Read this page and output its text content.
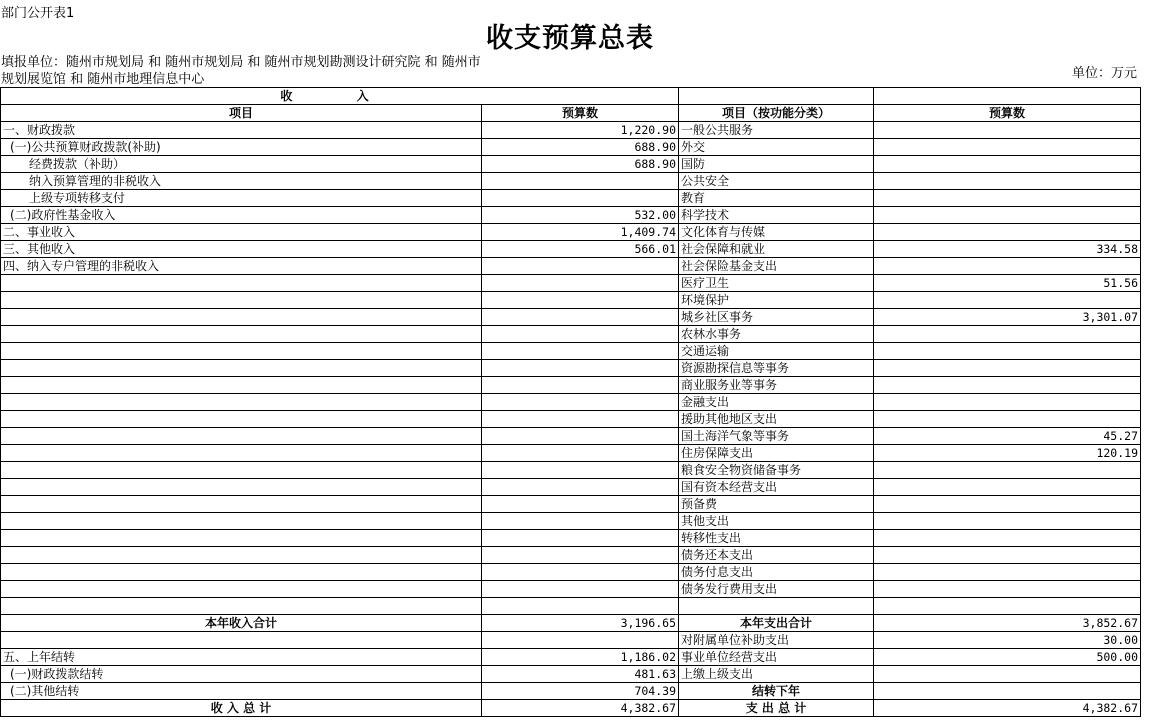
部门公开表1
收支预算总表
填报单位：随州市规划局 和 随州市规划局 和 随州市规划勘测设计研究院 和 随州市规划展览馆 和 随州市地理信息中心	单位：万元
收 入			
项目	预算数	项目（按功能分类）	预算数
一、财政拨款	1,220.90	一般公共服务	
(一)公共预算财政拨款(补助)	688.90	外交	
经费拨款（补助）	688.90	国防	
纳入预算管理的非税收入		公共安全	
上级专项转移支付		教育	
(二)政府性基金收入	532.00	科学技术	
二、事业收入	1,409.74	文化体育与传媒	
三、其他收入	566.01	社会保障和就业	334.58
四、纳入专户管理的非税收入		社会保险基金支出	
		医疗卫生	51.56
		环境保护	
		城乡社区事务	3,301.07
		农林水事务	
		交通运输	
		资源勘探信息等事务	
		商业服务业等事务	
		金融支出	
		援助其他地区支出	
		国土海洋气象等事务	45.27
		住房保障支出	120.19
		粮食安全物资储备事务	
		国有资本经营支出	
		预备费	
		其他支出	
		转移性支出	
		债务还本支出	
		债务付息支出	
		债务发行费用支出	

本年收入合计	3,196.65	本年支出合计	3,852.67
		对附属单位补助支出	30.00
五、上年结转	1,186.02	事业单位经营支出	500.00
(一)财政拨款结转	481.63	上缴上级支出	
(二)其他结转	704.39	结转下年	
收 入 总 计	4,382.67	支 出 总 计	4,382.67
